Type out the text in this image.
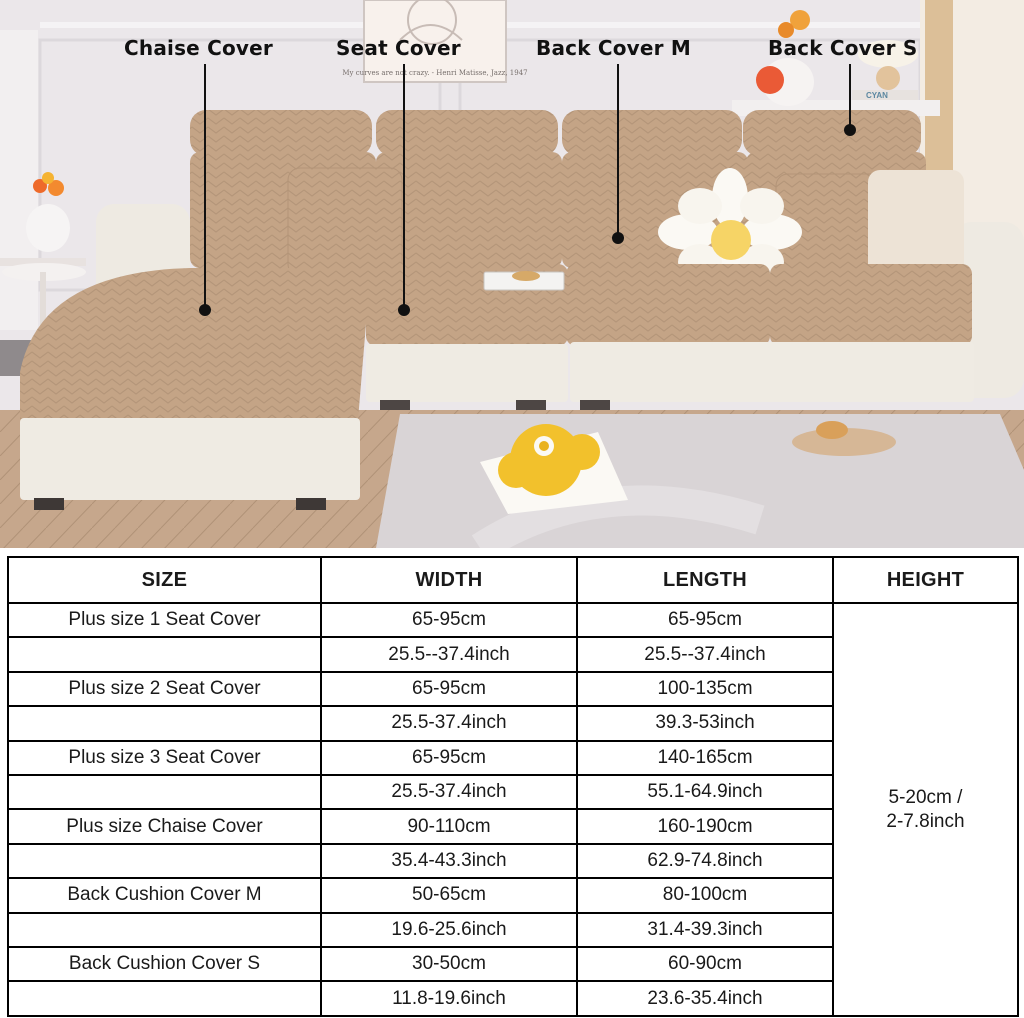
My curves are not crazy. - Henri Matisse, Jazz, 1947
CYAN
Chaise Cover	Seat Cover	Back Cover M	Back Cover S
SIZE	WIDTH	LENGTH	HEIGHT
Plus size 1 Seat Cover	65-95cm	65-95cm	5-20cm /
2-7.8inch
	25.5--37.4inch	25.5--37.4inch	
Plus size 2 Seat Cover	65-95cm	100-135cm	
	25.5-37.4inch	39.3-53inch	
Plus size 3 Seat Cover	65-95cm	140-165cm	
	25.5-37.4inch	55.1-64.9inch	
Plus size Chaise Cover	90-110cm	160-190cm	
	35.4-43.3inch	62.9-74.8inch	
Back Cushion Cover M	50-65cm	80-100cm	
	19.6-25.6inch	31.4-39.3inch	
Back Cushion Cover S	30-50cm	60-90cm	
	11.8-19.6inch	23.6-35.4inch	
